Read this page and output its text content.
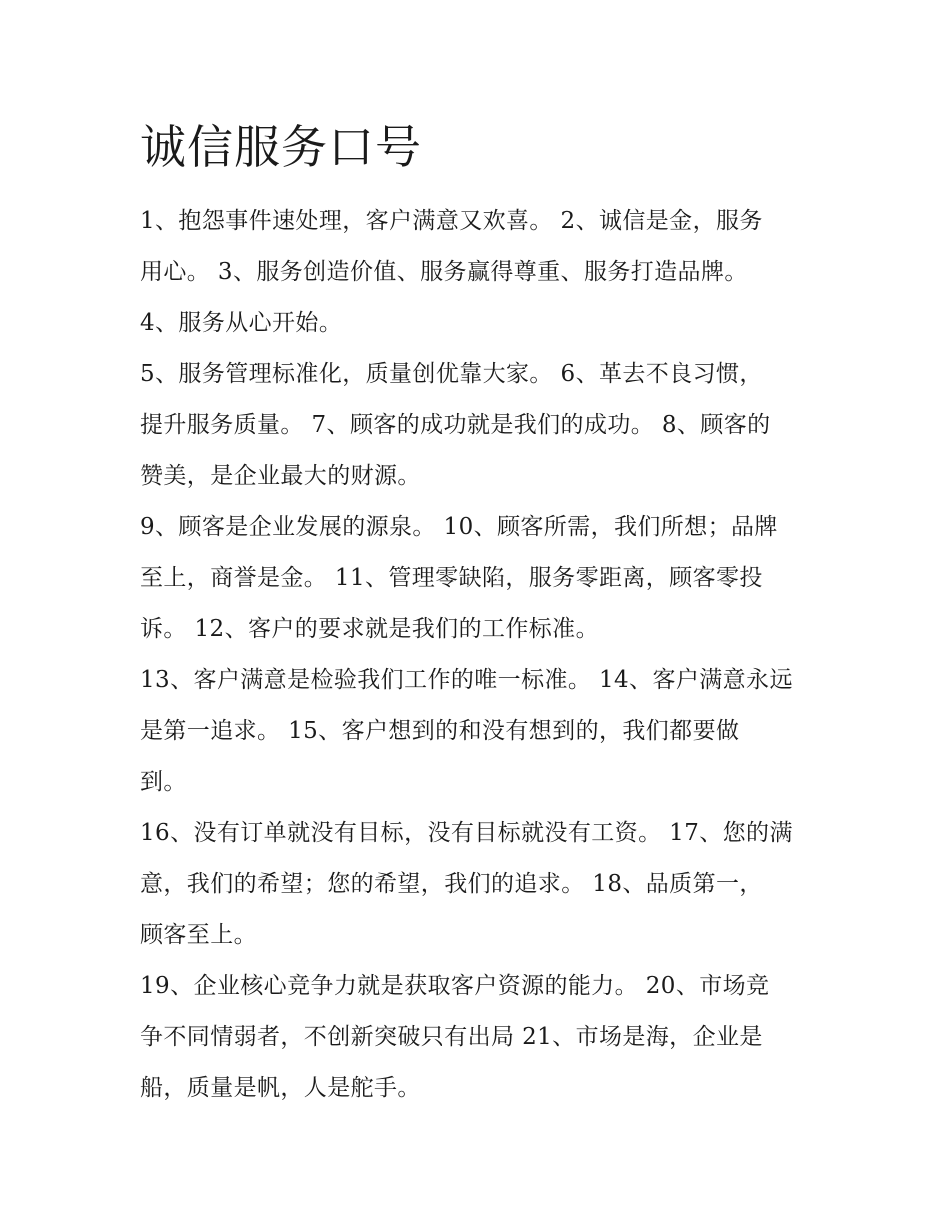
诚信服务口号

1、抱怨事件速处理，客户满意又欢喜。 2、诚信是金，服务
用心。 3、服务创造价值、服务赢得尊重、服务打造品牌。

4、服务从心开始。

5、服务管理标准化，质量创优靠大家。 6、革去不良习惯，
提升服务质量。 7、顾客的成功就是我们的成功。 8、顾客的
赞美，是企业最大的财源。

9、顾客是企业发展的源泉。 10、顾客所需，我们所想；品牌
至上，商誉是金。 11、管理零缺陷，服务零距离，顾客零投
诉。 12、客户的要求就是我们的工作标准。

13、客户满意是检验我们工作的唯一标准。 14、客户满意永远
是第一追求。 15、客户想到的和没有想到的，我们都要做
到。

16、没有订单就没有目标，没有目标就没有工资。 17、您的满
意，我们的希望；您的希望，我们的追求。 18、品质第一，
顾客至上。

19、企业核心竞争力就是获取客户资源的能力。 20、市场竞
争不同情弱者，不创新突破只有出局 21、市场是海，企业是
船，质量是帆，人是舵手。
